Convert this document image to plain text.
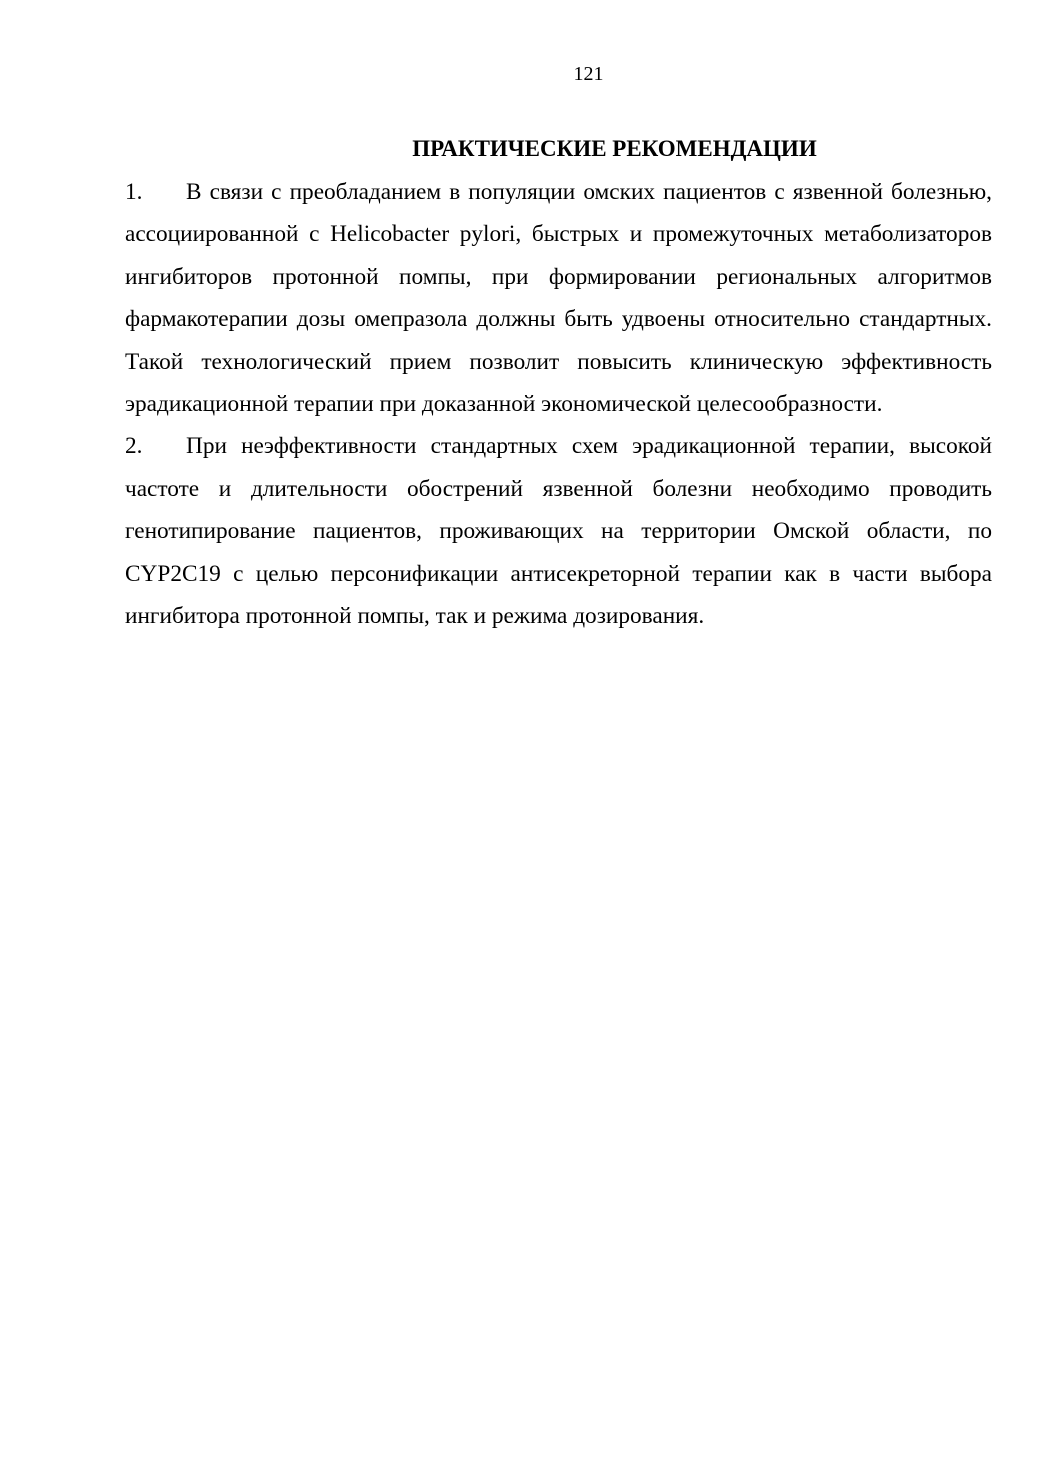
121
ПРАКТИЧЕСКИЕ РЕКОМЕНДАЦИИ

1. В связи с преобладанием в популяции омских пациентов с язвенной болезнью, ассоциированной с Helicobacter pylori, быстрых и промежуточных метаболизаторов ингибиторов протонной помпы, при формировании региональных алгоритмов фармакотерапии дозы омепразола должны быть удвоены относительно стандартных. Такой технологический прием позволит повысить клиническую эффективность эрадикационной терапии при доказанной экономической целесообразности.

2. При неэффективности стандартных схем эрадикационной терапии, высокой частоте и длительности обострений язвенной болезни необходимо проводить генотипирование пациентов, проживающих на территории Омской области, по CYP2C19 с целью персонификации антисекреторной терапии как в части выбора ингибитора протонной помпы, так и режима дозирования.
